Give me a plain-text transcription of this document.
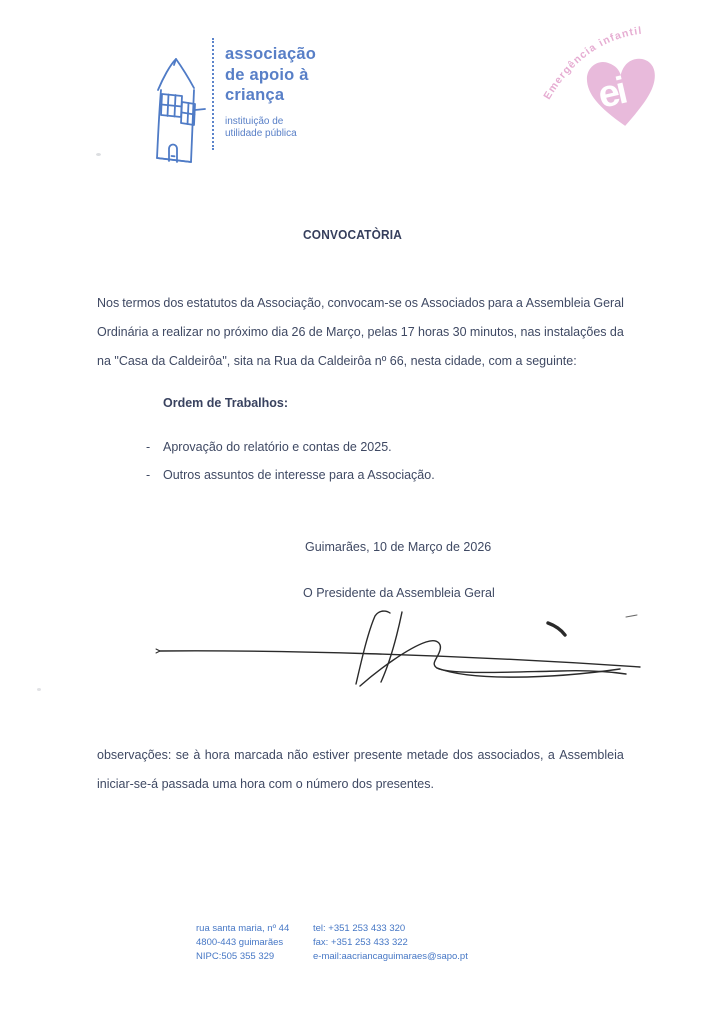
associação
de apoio à
criança
instituição de
utilidade pública
Emergência infantil
ei
CONVOCATÒRIA
Nos termos dos estatutos da Associação, convocam-se os Associados para a Assembleia Geral
Ordinária a realizar no próximo dia 26 de Março, pelas 17 horas 30 minutos, nas instalações da
na "Casa da Caldeirôa", sita na Rua da Caldeirôa nº 66, nesta cidade, com a seguinte:
Ordem de Trabalhos:
-	Aprovação do relatório e contas de 2025.
-	Outros assuntos de interesse para a Associação.
Guimarães, 10 de Março de 2026
O Presidente da Assembleia Geral
observações: se à hora marcada não estiver presente metade dos associados, a Assembleia
iniciar-se-á passada uma hora com o número dos presentes.
rua santa maria, nº 44
4800-443 guimarães
NIPC:505 355 329
tel: +351 253 433 320
fax: +351 253 433 322
e-mail:aacriancaguimaraes@sapo.pt
